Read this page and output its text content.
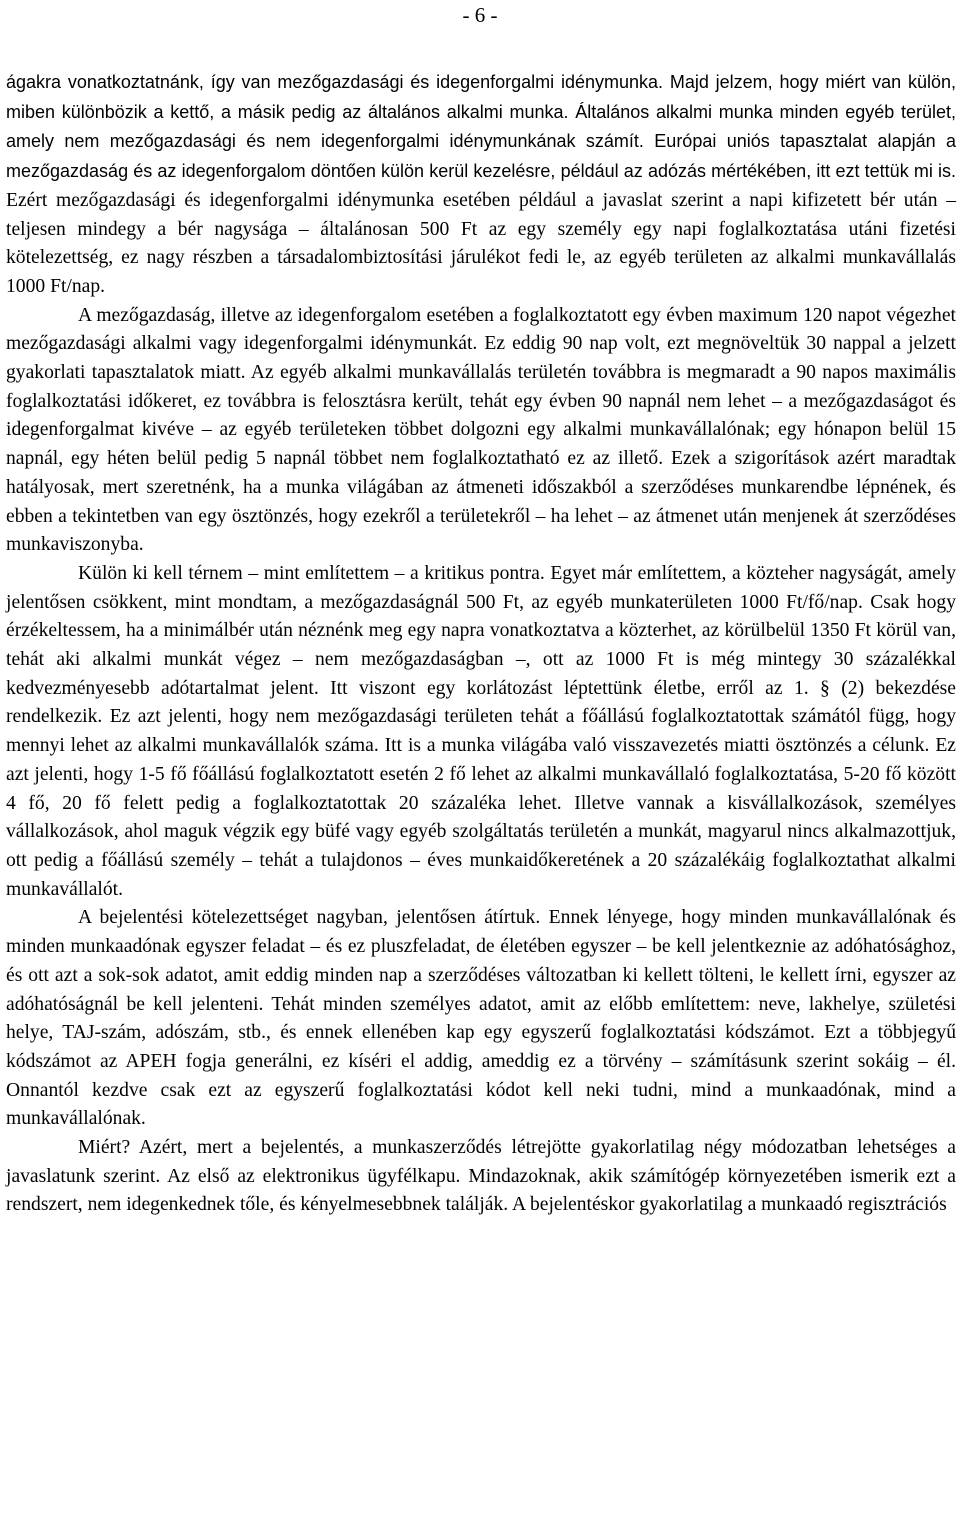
- 6 -

ágakra vonatkoztatnánk, így van mezőgazdasági és idegenforgalmi idénymunka. Majd jelzem, hogy miért van külön, miben különbözik a kettő, a másik pedig az általános alkalmi munka. Általános alkalmi munka minden egyéb terület, amely nem mezőgazdasági és nem idegenforgalmi idénymunkának számít. Európai uniós tapasztalat alapján a mezőgazdaság és az idegenforgalom döntően külön kerül kezelésre, például az adózás mértékében, itt ezt tettük mi is. Ezért mezőgazdasági és idegenforgalmi idénymunka esetében például a javaslat szerint a napi kifizetett bér után – teljesen mindegy a bér nagysága – általánosan 500 Ft az egy személy egy napi foglalkoztatása utáni fizetési kötelezettség, ez nagy részben a társadalombiztosítási járulékot fedi le, az egyéb területen az alkalmi munkavállalás 1000 Ft/nap.

A mezőgazdaság, illetve az idegenforgalom esetében a foglalkoztatott egy évben maximum 120 napot végezhet mezőgazdasági alkalmi vagy idegenforgalmi idénymunkát. Ez eddig 90 nap volt, ezt megnöveltük 30 nappal a jelzett gyakorlati tapasztalatok miatt. Az egyéb alkalmi munkavállalás területén továbbra is megmaradt a 90 napos maximális foglalkoztatási időkeret, ez továbbra is felosztásra került, tehát egy évben 90 napnál nem lehet – a mezőgazdaságot és idegenforgalmat kivéve – az egyéb területeken többet dolgozni egy alkalmi munkavállalónak; egy hónapon belül 15 napnál, egy héten belül pedig 5 napnál többet nem foglalkoztatható ez az illető. Ezek a szigorítások azért maradtak hatályosak, mert szeretnénk, ha a munka világában az átmeneti időszakból a szerződéses munkarendbe lépnének, és ebben a tekintetben van egy ösztönzés, hogy ezekről a területekről – ha lehet – az átmenet után menjenek át szerződéses munkaviszonyba.

Külön ki kell térnem – mint említettem – a kritikus pontra. Egyet már említettem, a közteher nagyságát, amely jelentősen csökkent, mint mondtam, a mezőgazdaságnál 500 Ft, az egyéb munkaterületen 1000 Ft/fő/nap. Csak hogy érzékeltessem, ha a minimálbér után néznénk meg egy napra vonatkoztatva a közterhet, az körülbelül 1350 Ft körül van, tehát aki alkalmi munkát végez – nem mezőgazdaságban –, ott az 1000 Ft is még mintegy 30 százalékkal kedvezményesebb adótartalmat jelent. Itt viszont egy korlátozást léptettünk életbe, erről az 1. § (2) bekezdése rendelkezik. Ez azt jelenti, hogy nem mezőgazdasági területen tehát a főállású foglalkoztatottak számától függ, hogy mennyi lehet az alkalmi munkavállalók száma. Itt is a munka világába való visszavezetés miatti ösztönzés a célunk. Ez azt jelenti, hogy 1-5 fő főállású foglalkoztatott esetén 2 fő lehet az alkalmi munkavállaló foglalkoztatása, 5-20 fő között 4 fő, 20 fő felett pedig a foglalkoztatottak 20 százaléka lehet. Illetve vannak a kisvállalkozások, személyes vállalkozások, ahol maguk végzik egy büfé vagy egyéb szolgáltatás területén a munkát, magyarul nincs alkalmazottjuk, ott pedig a főállású személy – tehát a tulajdonos – éves munkaidőkeretének a 20 százalékáig foglalkoztathat alkalmi munkavállalót.

A bejelentési kötelezettséget nagyban, jelentősen átírtuk. Ennek lényege, hogy minden munkavállalónak és minden munkaadónak egyszer feladat – és ez pluszfeladat, de életében egyszer – be kell jelentkeznie az adóhatósághoz, és ott azt a sok-sok adatot, amit eddig minden nap a szerződéses változatban ki kellett tölteni, le kellett írni, egyszer az adóhatóságnál be kell jelenteni. Tehát minden személyes adatot, amit az előbb említettem: neve, lakhelye, születési helye, TAJ-szám, adószám, stb., és ennek ellenében kap egy egyszerű foglalkoztatási kódszámot. Ezt a többjegyű kódszámot az APEH fogja generálni, ez kíséri el addig, ameddig ez a törvény – számításunk szerint sokáig – él. Onnantól kezdve csak ezt az egyszerű foglalkoztatási kódot kell neki tudni, mind a munkaadónak, mind a munkavállalónak.

Miért? Azért, mert a bejelentés, a munkaszerződés létrejötte gyakorlatilag négy módozatban lehetséges a javaslatunk szerint. Az első az elektronikus ügyfélkapu. Mindazoknak, akik számítógép környezetében ismerik ezt a rendszert, nem idegenkednek tőle, és kényelmesebbnek találják. A bejelentéskor gyakorlatilag a munkaadó regisztrációs
